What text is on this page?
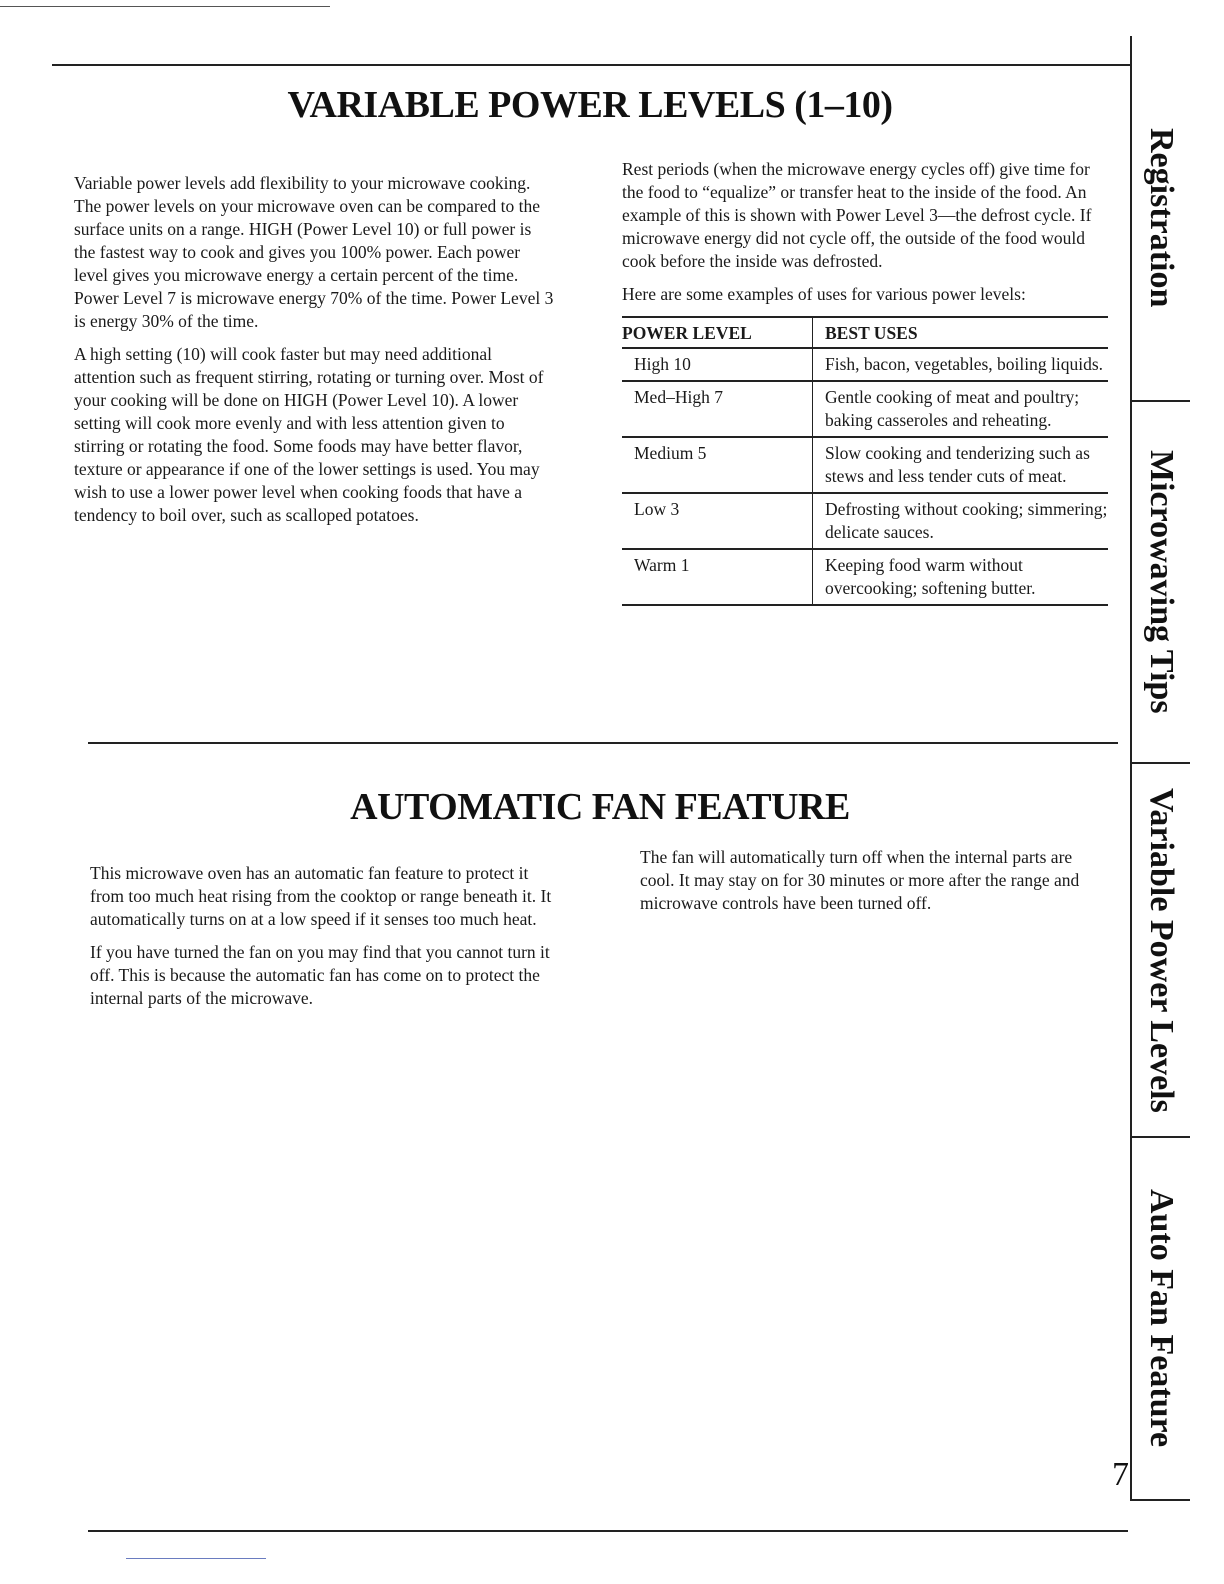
VARIABLE POWER LEVELS (1–10)

Variable power levels add flexibility to your microwave cooking. The power levels on your microwave oven can be compared to the surface units on a range. HIGH (Power Level 10) or full power is the fastest way to cook and gives you 100% power. Each power level gives you microwave energy a certain percent of the time. Power Level 7 is microwave energy 70% of the time. Power Level 3 is energy 30% of the time.

A high setting (10) will cook faster but may need additional attention such as frequent stirring, rotating or turning over. Most of your cooking will be done on HIGH (Power Level 10). A lower setting will cook more evenly and with less attention given to stirring or rotating the food. Some foods may have better flavor, texture or appearance if one of the lower settings is used. You may wish to use a lower power level when cooking foods that have a tendency to boil over, such as scalloped potatoes.

Rest periods (when the microwave energy cycles off) give time for the food to “equalize” or transfer heat to the inside of the food. An example of this is shown with Power Level 3—the defrost cycle. If microwave energy did not cycle off, the outside of the food would cook before the inside was defrosted.

Here are some examples of uses for various power levels:

POWER LEVEL	BEST USES
High 10	Fish, bacon, vegetables, boiling liquids.
Med–High 7	Gentle cooking of meat and poultry; baking casseroles and reheating.
Medium 5	Slow cooking and tenderizing such as stews and less tender cuts of meat.
Low 3	Defrosting without cooking; simmering; delicate sauces.
Warm 1	Keeping food warm without overcooking; softening butter.
AUTOMATIC FAN FEATURE

This microwave oven has an automatic fan feature to protect it from too much heat rising from the cooktop or range beneath it. It automatically turns on at a low speed if it senses too much heat.

If you have turned the fan on you may find that you cannot turn it off. This is because the automatic fan has come on to protect the internal parts of the microwave.

The fan will automatically turn off when the internal parts are cool. It may stay on for 30 minutes or more after the range and microwave controls have been turned off.

Registration
Microwaving Tips
Variable Power Levels
Auto Fan Feature
7
